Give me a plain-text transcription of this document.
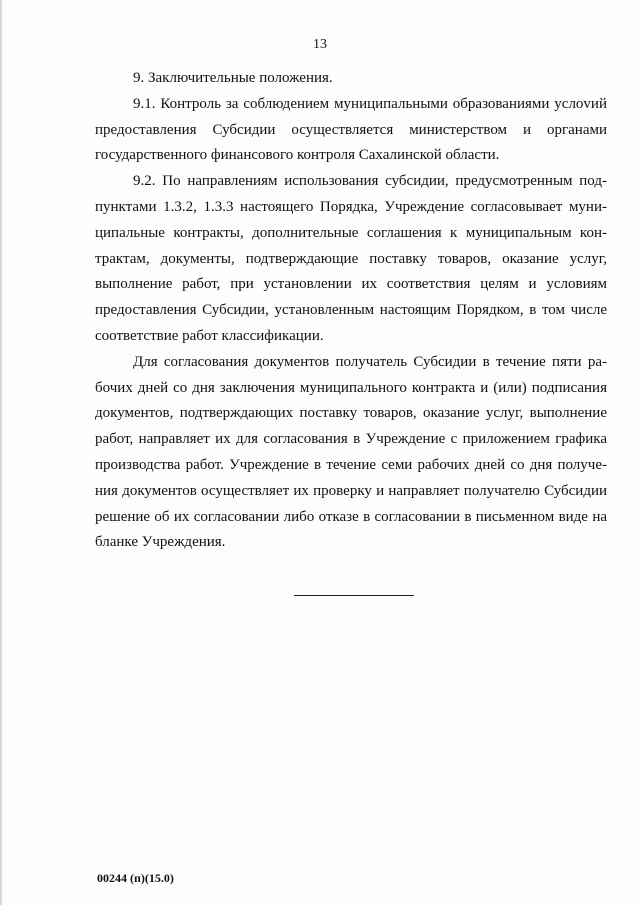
13

9. Заключительные положения.

9.1. Контроль за соблюдением муниципальными образованиями услоvий предоставления Субсидии осуществляется министерством и органами государственного финансового контроля Сахалинской области.

9.2. По направлениям использования субсидии, предусмотренным подпунктами 1.3.2, 1.3.3 настоящего Порядка, Учреждение согласовывает муниципальные контракты, дополнительные соглашения к муниципальным контрактам, документы, подтверждающие поставку товаров, оказание услуг, выполнение работ, при установлении их соответствия целям и условиям предоставления Субсидии, установленным настоящим Порядком, в том числе соответствие работ классификации.

Для согласования документов получатель Субсидии в течение пяти рабочих дней со дня заключения муниципального контракта и (или) подписания документов, подтверждающих поставку товаров, оказание услуг, выполнение работ, направляет их для согласования в Учреждение с приложением графика производства работ. Учреждение в течение семи рабочих дней со дня получения документов осуществляет их проверку и направляет получателю Субсидии решение об их согласовании либо отказе в согласовании в письменном виде на бланке Учреждения.

00244 (п)(15.0)
